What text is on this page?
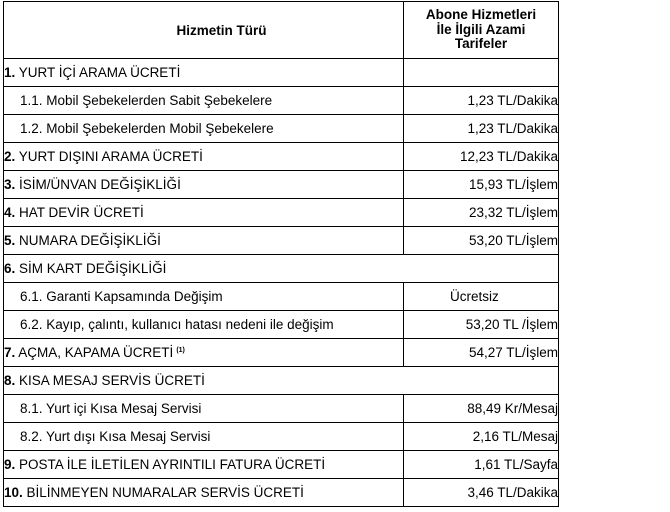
Hizmetin Türü	Abone Hizmetleri
İle İlgili Azami
Tarifeler
1. YURT İÇİ ARAMA ÜCRETİ	
1.1. Mobil Şebekelerden Sabit Şebekelere	1,23 TL/Dakika
1.2. Mobil Şebekelerden Mobil Şebekelere	1,23 TL/Dakika
2. YURT DIŞINI ARAMA ÜCRETİ	12,23 TL/Dakika
3. İSİM/ÜNVAN DEĞİŞİKLİĞİ	15,93 TL/İşlem
4. HAT DEVİR ÜCRETİ	23,32 TL/İşlem
5. NUMARA DEĞİŞİKLİĞİ	53,20 TL/İşlem
6. SİM KART DEĞİŞİKLİĞİ	
6.1. Garanti Kapsamında Değişim	Ücretsiz
6.2. Kayıp, çalıntı, kullanıcı hatası nedeni ile değişim	53,20 TL /İşlem
7. AÇMA, KAPAMA ÜCRETİ $^{(1)}$	54,27 TL/İşlem
8. KISA MESAJ SERVİS ÜCRETİ	
8.1. Yurt içi Kısa Mesaj Servisi	88,49 Kr/Mesaj
8.2. Yurt dışı Kısa Mesaj Servisi	2,16 TL/Mesaj
9. POSTA İLE İLETİLEN AYRINTILI FATURA ÜCRETİ	1,61 TL/Sayfa
10. BİLİNMEYEN NUMARALAR SERVİS ÜCRETİ	3,46 TL/Dakika
